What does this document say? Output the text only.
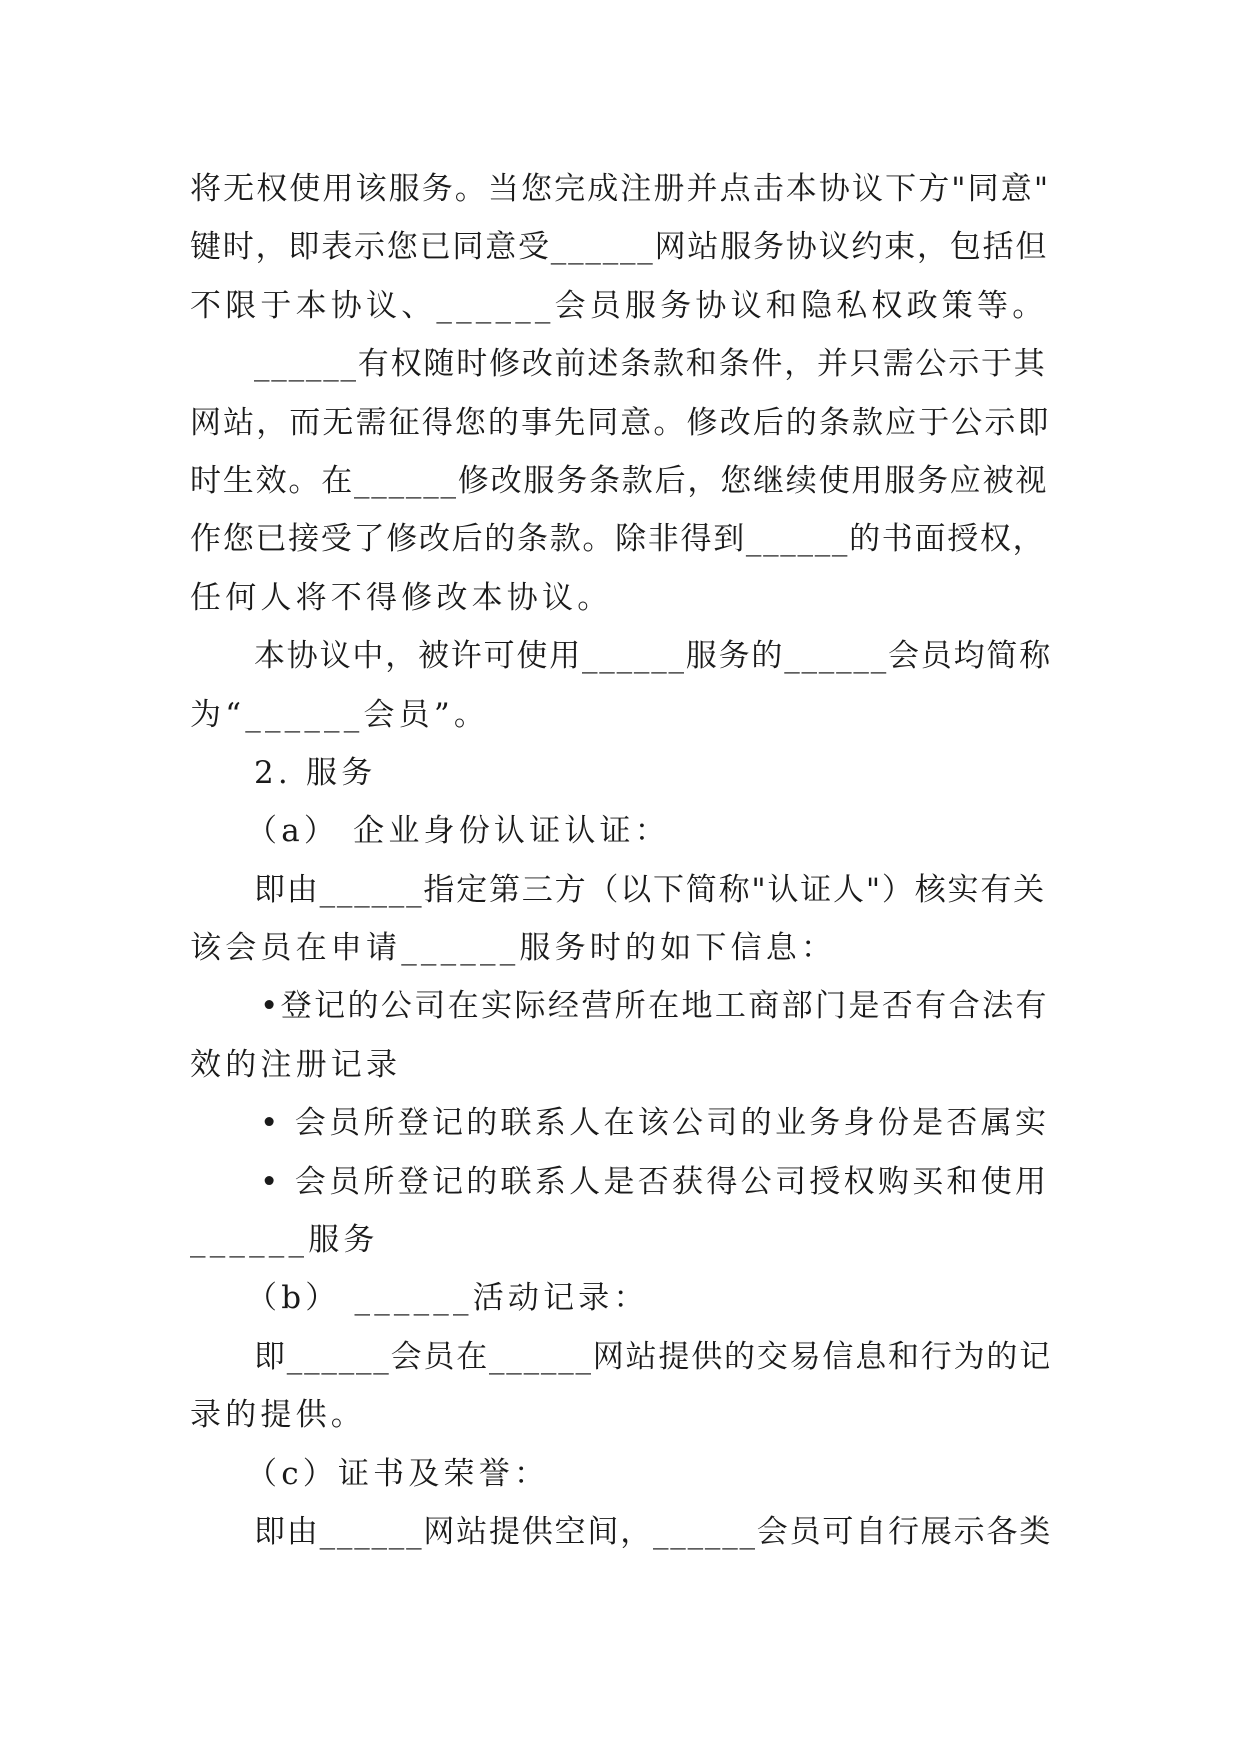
将无权使用该服务。当您完成注册并点击本协议下方"同意"
键时，即表示您已同意受______网站服务协议约束，包括但
不限于本协议、______会员服务协议和隐私权政策等。
______有权随时修改前述条款和条件，并只需公示于其
网站，而无需征得您的事先同意。修改后的条款应于公示即
时生效。在______修改服务条款后，您继续使用服务应被视
作您已接受了修改后的条款。除非得到______的书面授权，
任何人将不得修改本协议。
本协议中，被许可使用______服务的______会员均简称
为“______会员”。
2. 服务
（a） 企业身份认证认证：
即由______指定第三方（以下简称"认证人"）核实有关
该会员在申请______服务时的如下信息：
•登记的公司在实际经营所在地工商部门是否有合法有
效的注册记录
• 会员所登记的联系人在该公司的业务身份是否属实
• 会员所登记的联系人是否获得公司授权购买和使用
______服务
（b） ______活动记录：
即______会员在______网站提供的交易信息和行为的记
录的提供。
（c）证书及荣誉：
即由______网站提供空间，______会员可自行展示各类
